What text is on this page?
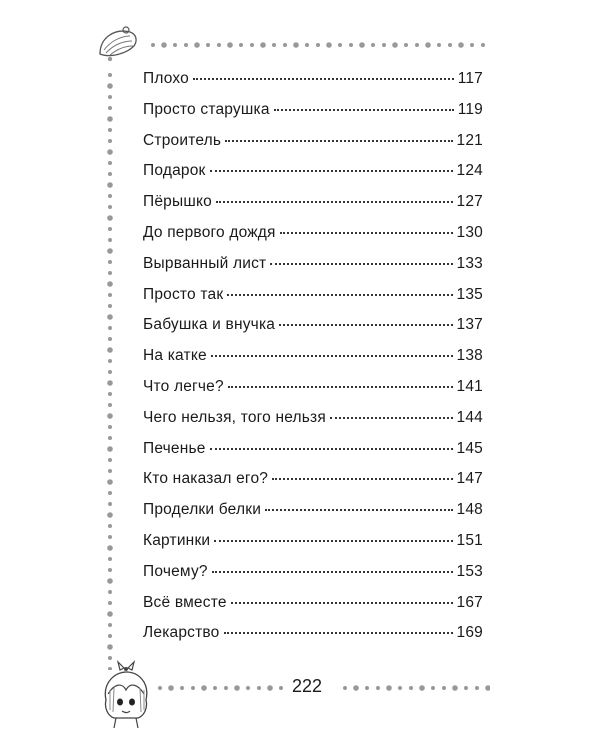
Плохо	117
Просто старушка	119
Строитель	121
Подарок	124
Пёрышко	127
До первого дождя	130
Вырванный лист	133
Просто так	135
Бабушка и внучка	137
На катке	138
Что легче?	141
Чего нельзя, того нельзя	144
Печенье	145
Кто наказал его?	147
Проделки белки	148
Картинки	151
Почему?	153
Всё вместе	167
Лекарство	169
222
